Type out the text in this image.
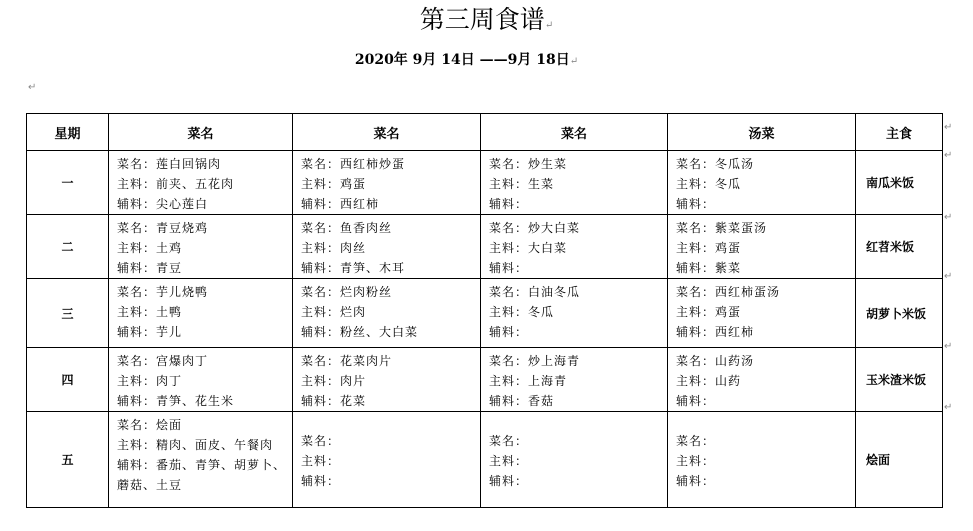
第三周食谱↵
2020年 9月 14日 ——9月 18日↵
↵
星期	菜名	菜名	菜名	汤菜	主食
一	菜名：莲白回锅肉
主料：前夹、五花肉
辅料：尖心莲白	菜名：西红柿炒蛋
主料：鸡蛋
辅料：西红柿	菜名：炒生菜
主料：生菜
辅料：	菜名：冬瓜汤
主料：冬瓜
辅料：	南瓜米饭
二	菜名：青豆烧鸡
主料：土鸡
辅料：青豆	菜名：鱼香肉丝
主料：肉丝
辅料：青笋、木耳	菜名：炒大白菜
主料：大白菜
辅料：	菜名：紫菜蛋汤
主料：鸡蛋
辅料：紫菜	红苕米饭
三	菜名：芋儿烧鸭
主料：土鸭
辅料：芋儿	菜名：烂肉粉丝
主料：烂肉
辅料：粉丝、大白菜	菜名：白油冬瓜
主料：冬瓜
辅料：	菜名：西红柿蛋汤
主料：鸡蛋
辅料：西红柿	胡萝卜米饭
四	菜名：宫爆肉丁
主料：肉丁
辅料：青笋、花生米	菜名：花菜肉片
主料：肉片
辅料：花菜	菜名：炒上海青
主料：上海青
辅料：香菇	菜名：山药汤
主料：山药
辅料：	玉米渣米饭
五	菜名：烩面
主料：精肉、面皮、午餐肉
辅料：番茄、青笋、胡萝卜、蘑菇、土豆	菜名：
主料：
辅料：	菜名：
主料：
辅料：	菜名：
主料：
辅料：	烩面
↵
↵
↵
↵
↵
↵
